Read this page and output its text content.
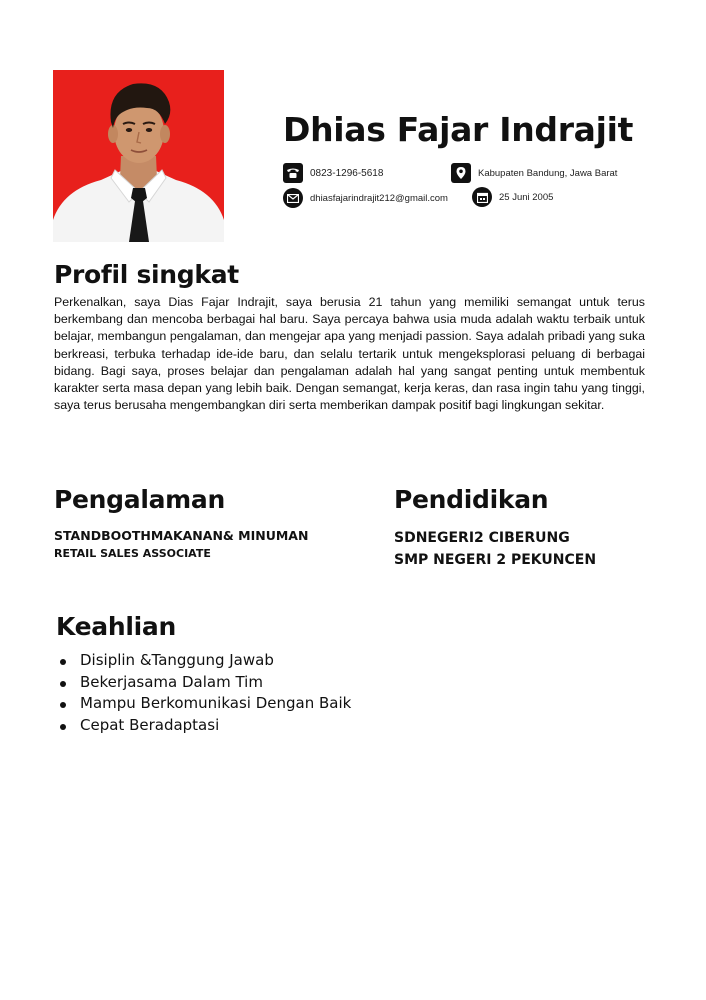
Dhias Fajar Indrajit
0823-1296-5618	Kabupaten Bandung, Jawa Barat
dhiasfajarindrajit212@gmail.com	25 Juni 2005
Profil singkat

Perkenalkan, saya Dias Fajar Indrajit, saya berusia 21 tahun yang memiliki semangat untuk terus berkembang dan mencoba berbagai hal baru. Saya percaya bahwa usia muda adalah waktu terbaik untuk belajar, membangun pengalaman, dan mengejar apa yang menjadi passion. Saya adalah pribadi yang suka berkreasi, terbuka terhadap ide-ide baru, dan selalu tertarik untuk mengeksplorasi peluang di berbagai bidang. Bagi saya, proses belajar dan pengalaman adalah hal yang sangat penting untuk membentuk karakter serta masa depan yang lebih baik. Dengan semangat, kerja keras, dan rasa ingin tahu yang tinggi, saya terus berusaha mengembangkan diri serta memberikan dampak positif bagi lingkungan sekitar.

Pengalaman
STANDBOOTHMAKANAN& MINUMAN
RETAIL SALES ASSOCIATE
Pendidikan
SDNEGERI2 CIBERUNG
SMP NEGERI 2 PEKUNCEN
Keahlian
Disiplin &Tanggung Jawab
Bekerjasama Dalam Tim
Mampu Berkomunikasi Dengan Baik
Cepat Beradaptasi
